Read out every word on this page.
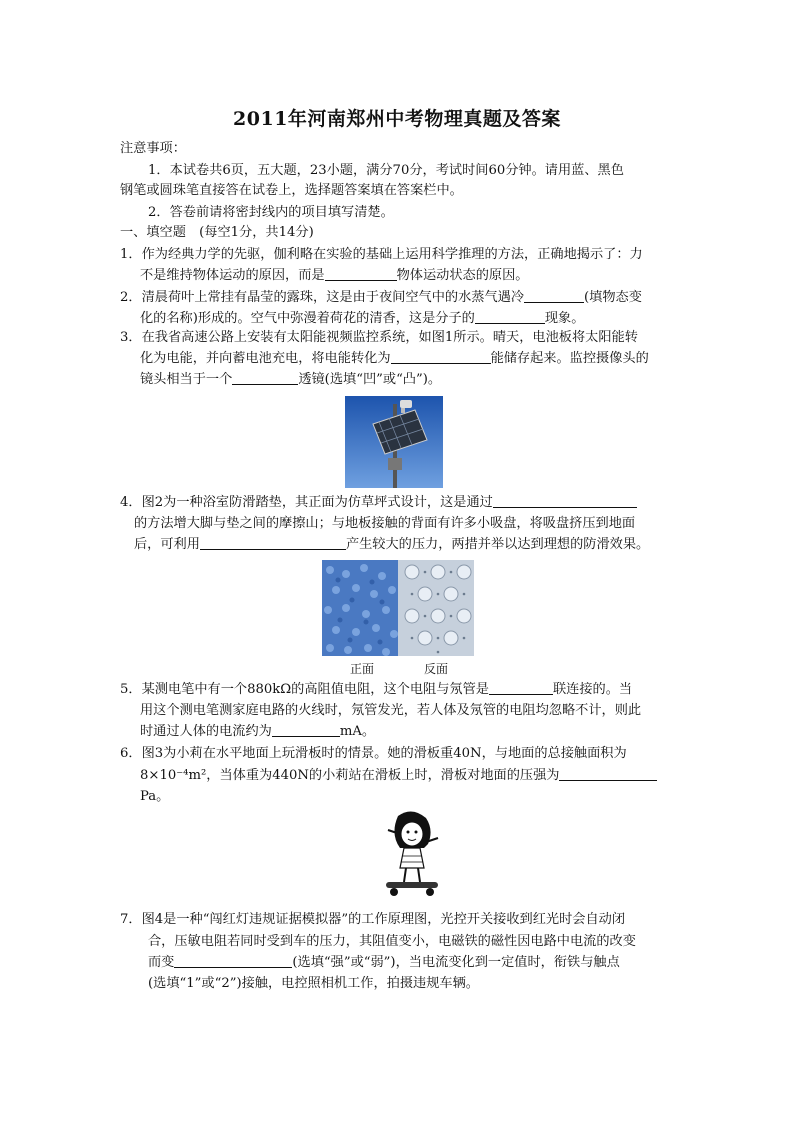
2011年河南郑州中考物理真题及答案
注意事项：
1．本试卷共6页，五大题，23小题，满分70分，考试时间60分钟。请用蓝、黑色
钢笔或圆珠笔直接答在试卷上，选择题答案填在答案栏中。
2．答卷前请将密封线内的项目填写清楚。
一、填空题　(每空1分，共14分)
1．作为经典力学的先驱，伽利略在实验的基础上运用科学推理的方法，正确地揭示了：力
不是维持物体运动的原因，而是	物体运动状态的原因。
2．清晨荷叶上常挂有晶莹的露珠，这是由于夜间空气中的水蒸气遇冷	(填物态变
化的名称)形成的。空气中弥漫着荷花的清香，这是分子的	现象。
3．在我省高速公路上安装有太阳能视频监控系统，如图1所示。晴天，电池板将太阳能转
化为电能，并向蓄电池充电，将电能转化为	能储存起来。监控摄像头的
镜头相当于一个	透镜(选填“凹”或“凸”)。
4．图2为一种浴室防滑踏垫，其正面为仿草坪式设计，这是通过
的方法增大脚与垫之间的摩擦山；与地板接触的背面有许多小吸盘，将吸盘挤压到地面
后，可利用	产生较大的压力，两措并举以达到理想的防滑效果。
正面	反面
5．某测电笔中有一个880kΩ的高阻值电阻，这个电阻与氖管是	联连接的。当
用这个测电笔测家庭电路的火线时，氖管发光，若人体及氖管的电阻均忽略不计，则此
时通过人体的电流约为	mA。
6．图3为小莉在水平地面上玩滑板时的情景。她的滑板重40N，与地面的总接触面积为
8×10⁻⁴m²，当体重为440N的小莉站在滑板上时，滑板对地面的压强为
Pa。
7．图4是一种“闯红灯违规证据模拟器”的工作原理图，光控开关接收到红光时会自动闭
合，压敏电阻若同时受到车的压力，其阻值变小，电磁铁的磁性因电路中电流的改变
而变	(选填“强”或“弱”)，当电流变化到一定值时，衔铁与触点
(选填“1”或“2”)接触，电控照相机工作，拍摄违规车辆。
